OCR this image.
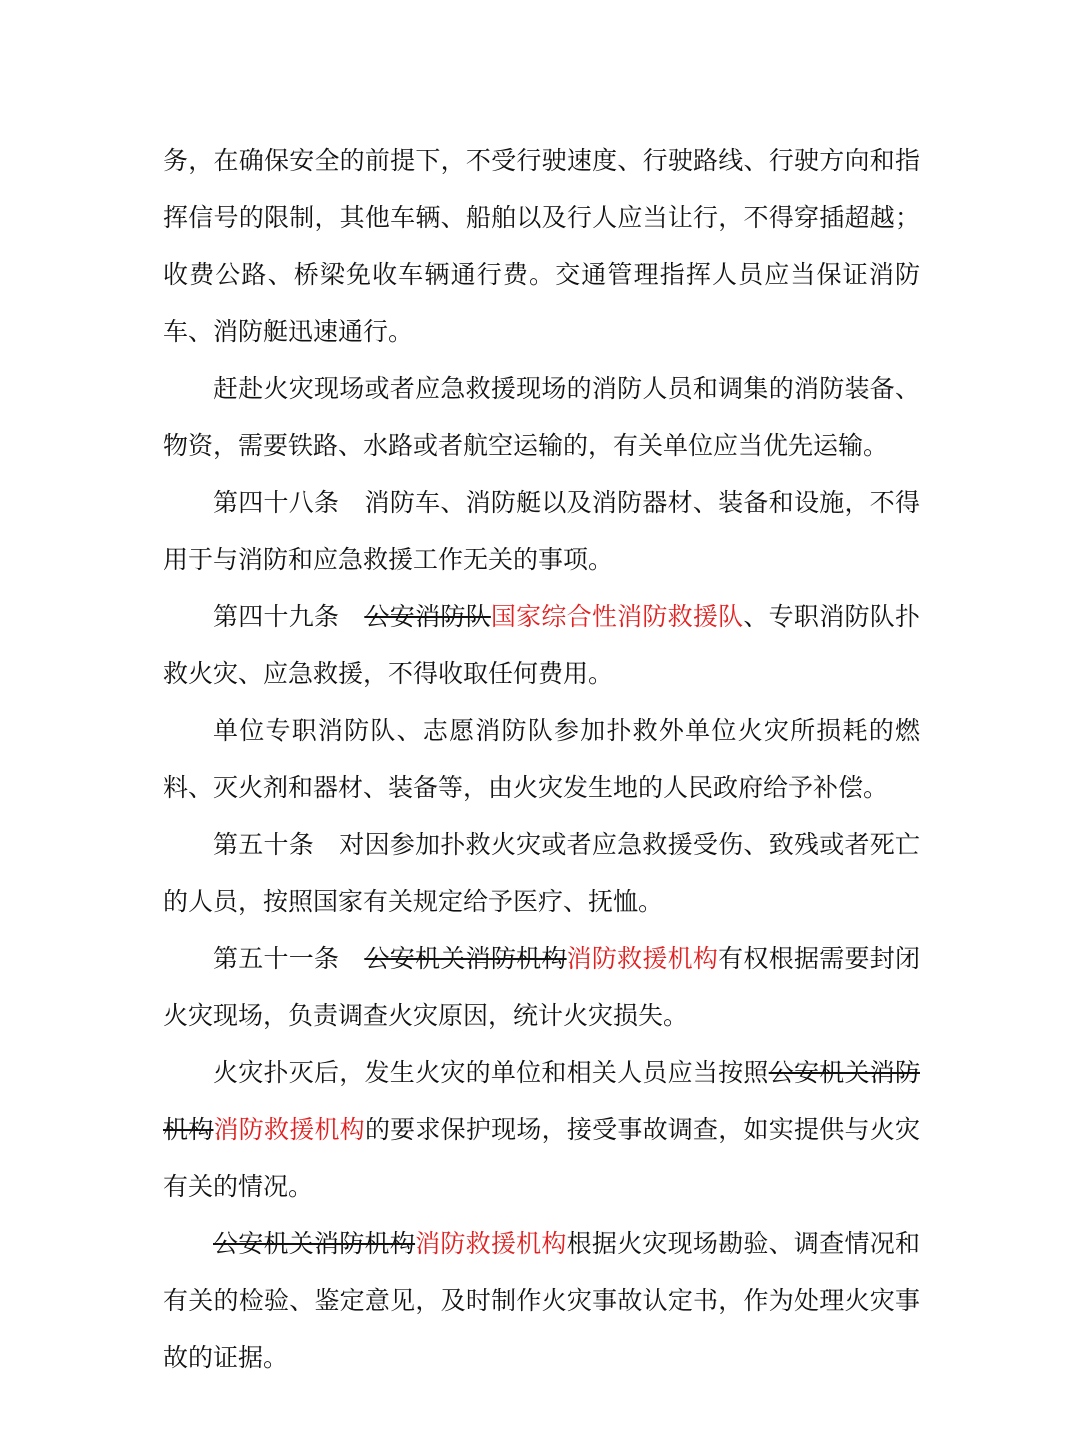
务，在确保安全的前提下，不受行驶速度、行驶路线、行驶方向和指挥信号的限制，其他车辆、船舶以及行人应当让行，不得穿插超越；收费公路、桥梁免收车辆通行费。交通管理指挥人员应当保证消防车、消防艇迅速通行。

赶赴火灾现场或者应急救援现场的消防人员和调集的消防装备、物资，需要铁路、水路或者航空运输的，有关单位应当优先运输。

第四十八条 消防车、消防艇以及消防器材、装备和设施，不得用于与消防和应急救援工作无关的事项。

第四十九条 公安消防队国家综合性消防救援队、专职消防队扑救火灾、应急救援，不得收取任何费用。

单位专职消防队、志愿消防队参加扑救外单位火灾所损耗的燃料、灭火剂和器材、装备等，由火灾发生地的人民政府给予补偿。

第五十条 对因参加扑救火灾或者应急救援受伤、致残或者死亡的人员，按照国家有关规定给予医疗、抚恤。

第五十一条 公安机关消防机构消防救援机构有权根据需要封闭火灾现场，负责调查火灾原因，统计火灾损失。

火灾扑灭后，发生火灾的单位和相关人员应当按照公安机关消防机构消防救援机构的要求保护现场，接受事故调查，如实提供与火灾有关的情况。

公安机关消防机构消防救援机构根据火灾现场勘验、调查情况和有关的检验、鉴定意见，及时制作火灾事故认定书，作为处理火灾事故的证据。
